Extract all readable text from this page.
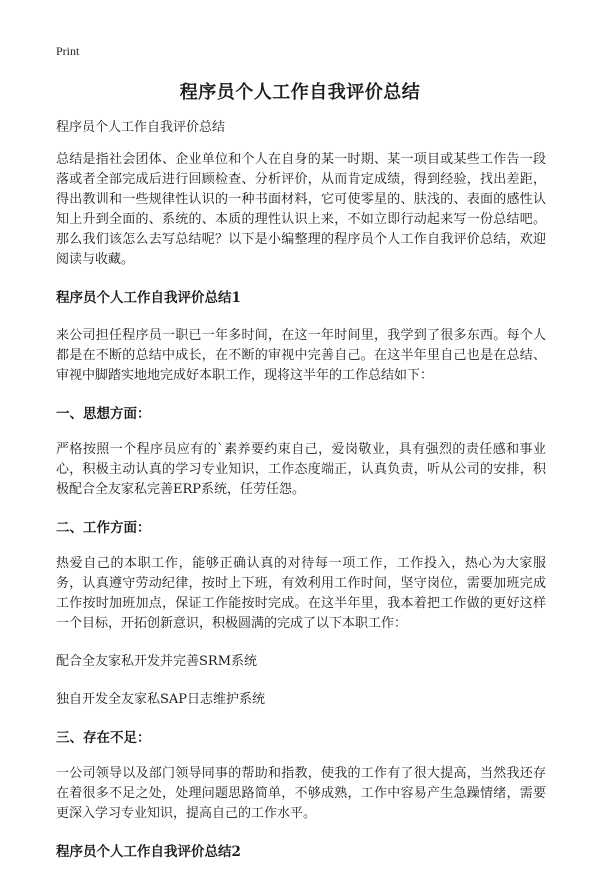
Print
程序员个人工作自我评价总结

程序员个人工作自我评价总结

总结是指社会团体、企业单位和个人在自身的某一时期、某一项目或某些工作告一段落或者全部完成后进行回顾检查、分析评价，从而肯定成绩，得到经验，找出差距，得出教训和一些规律性认识的一种书面材料，它可使零星的、肤浅的、表面的感性认知上升到全面的、系统的、本质的理性认识上来，不如立即行动起来写一份总结吧。那么我们该怎么去写总结呢？以下是小编整理的程序员个人工作自我评价总结，欢迎阅读与收藏。

程序员个人工作自我评价总结1

来公司担任程序员一职已一年多时间，在这一年时间里，我学到了很多东西。每个人都是在不断的总结中成长，在不断的审视中完善自己。在这半年里自己也是在总结、审视中脚踏实地地完成好本职工作，现将这半年的工作总结如下：

一、思想方面：

严格按照一个程序员应有的`素养要约束自己，爱岗敬业，具有强烈的责任感和事业心，积极主动认真的学习专业知识，工作态度端正，认真负责，听从公司的安排，积极配合全友家私完善ERP系统，任劳任怨。

二、工作方面：

热爱自己的本职工作，能够正确认真的对待每一项工作，工作投入，热心为大家服务，认真遵守劳动纪律，按时上下班，有效利用工作时间，坚守岗位，需要加班完成工作按时加班加点，保证工作能按时完成。在这半年里，我本着把工作做的更好这样一个目标，开拓创新意识，积极圆满的完成了以下本职工作：

配合全友家私开发并完善SRM系统

独自开发全友家私SAP日志维护系统

三、存在不足：

一公司领导以及部门领导同事的帮助和指教，使我的工作有了很大提高，当然我还存在着很多不足之处，处理问题思路简单，不够成熟，工作中容易产生急躁情绪，需要更深入学习专业知识，提高自己的工作水平。

程序员个人工作自我评价总结2
